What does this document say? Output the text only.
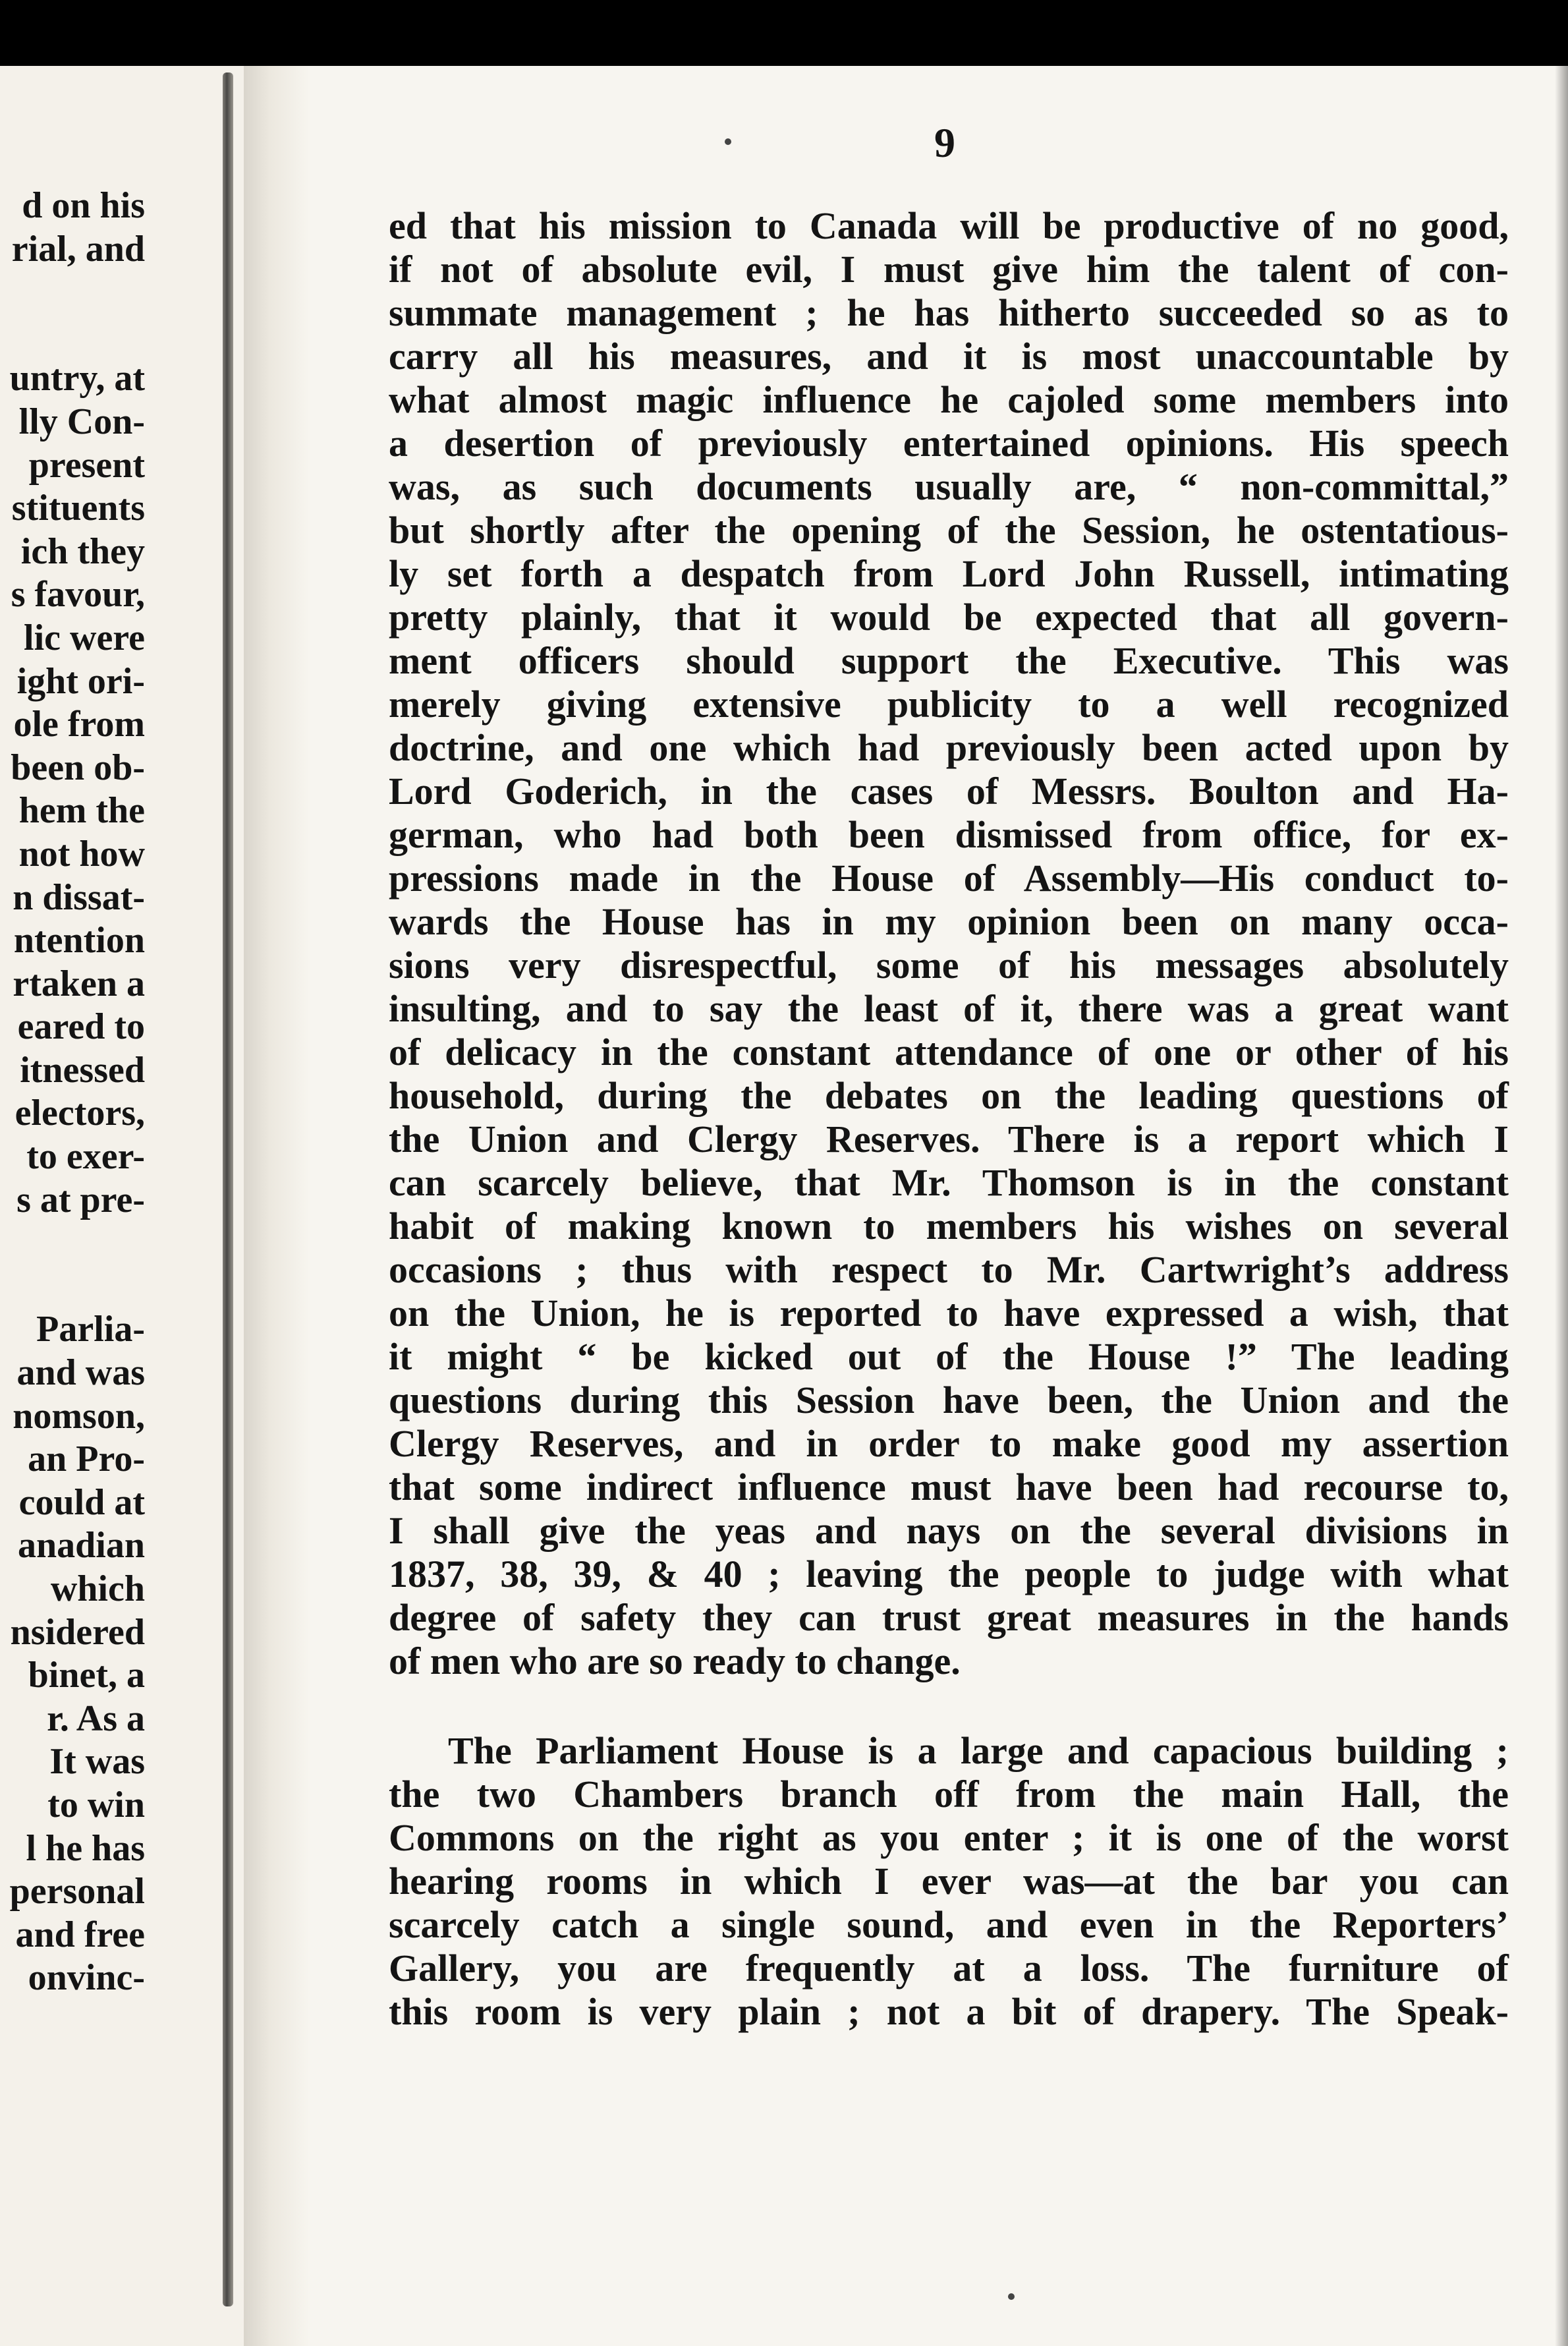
d on his
rial, and
untry, at
lly Con-
present
stituents
ich they
s favour,
lic were
ight ori-
ole from
been ob-
hem the
not how
n dissat-
ntention
rtaken a
eared to
itnessed
electors,
to exer-
s at pre-
Parlia-
and was
nomson,
an Pro-
could at
anadian
which
nsidered
binet, a
r. As a
It was
to win
l he has
personal
and free
onvinc-
9
ed that his mission to Canada will be productive of no good,
if not of absolute evil, I must give him the talent of con-
summate management ; he has hitherto succeeded so as to
carry all his measures, and it is most unaccountable by
what almost magic influence he cajoled some members into
a desertion of previously entertained opinions. His speech
was, as such documents usually are, “ non-committal,”
but shortly after the opening of the Session, he ostentatious-
ly set forth a despatch from Lord John Russell, intimating
pretty plainly, that it would be expected that all govern-
ment officers should support the Executive. This was
merely giving extensive publicity to a well recognized
doctrine, and one which had previously been acted upon by
Lord Goderich, in the cases of Messrs. Boulton and Ha-
german, who had both been dismissed from office, for ex-
pressions made in the House of Assembly—His conduct to-
wards the House has in my opinion been on many occa-
sions very disrespectful, some of his messages absolutely
insulting, and to say the least of it, there was a great want
of delicacy in the constant attendance of one or other of his
household, during the debates on the leading questions of
the Union and Clergy Reserves. There is a report which I
can scarcely believe, that Mr. Thomson is in the constant
habit of making known to members his wishes on several
occasions ; thus with respect to Mr. Cartwright’s address
on the Union, he is reported to have expressed a wish, that
it might “ be kicked out of the House !” The leading
questions during this Session have been, the Union and the
Clergy Reserves, and in order to make good my assertion
that some indirect influence must have been had recourse to,
I shall give the yeas and nays on the several divisions in
1837, 38, 39, & 40 ; leaving the people to judge with what
degree of safety they can trust great measures in the hands
of men who are so ready to change.
The Parliament House is a large and capacious building ;
the two Chambers branch off from the main Hall, the
Commons on the right as you enter ; it is one of the worst
hearing rooms in which I ever was—at the bar you can
scarcely catch a single sound, and even in the Reporters’
Gallery, you are frequently at a loss. The furniture of
this room is very plain ; not a bit of drapery. The Speak-
